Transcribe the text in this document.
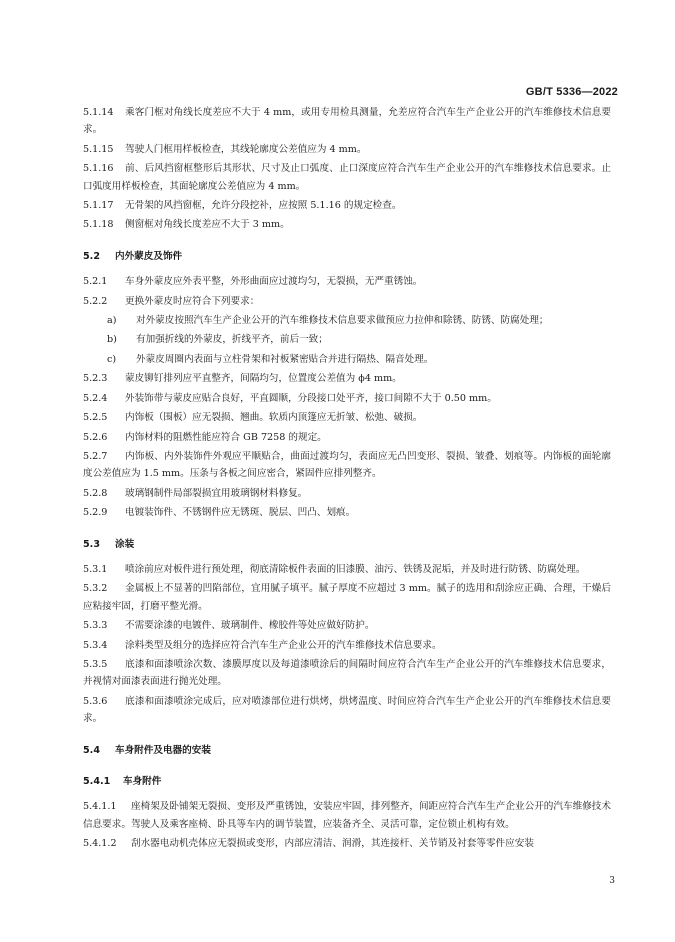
GB/T 5336—2022

5.1.14 乘客门框对角线长度差应不大于 4 mm，或用专用检具测量，允差应符合汽车生产企业公开的汽车维修技术信息要求。

5.1.15 驾驶人门框用样板检查，其线轮廓度公差值应为 4 mm。

5.1.16 前、后风挡窗框整形后其形状、尺寸及止口弧度、止口深度应符合汽车生产企业公开的汽车维修技术信息要求。止口弧度用样板检查，其面轮廓度公差值应为 4 mm。

5.1.17 无骨架的风挡窗框，允许分段挖补，应按照 5.1.16 的规定检查。

5.1.18 侧窗框对角线长度差应不大于 3 mm。

5.2 内外蒙皮及饰件

5.2.1 车身外蒙皮应外表平整，外形曲面应过渡均匀，无裂损，无严重锈蚀。

5.2.2 更换外蒙皮时应符合下列要求：

a)	对外蒙皮按照汽车生产企业公开的汽车维修技术信息要求做预应力拉伸和除锈、防锈、防腐处理；
b)	有加强折线的外蒙皮，折线平齐，前后一致；
c)	外蒙皮周圈内表面与立柱骨架和衬板紧密贴合并进行隔热、隔音处理。

5.2.3 蒙皮铆钉排列应平直整齐，间隔均匀，位置度公差值为 ϕ4 mm。

5.2.4 外装饰带与蒙皮应贴合良好，平直圆顺，分段接口处平齐，接口间隙不大于 0.50 mm。

5.2.5 内饰板（围板）应无裂损、翘曲。软质内顶篷应无折皱、松弛、破损。

5.2.6 内饰材料的阻燃性能应符合 GB 7258 的规定。

5.2.7 内饰板、内外装饰件外观应平顺贴合，曲面过渡均匀，表面应无凸凹变形、裂损、皱叠、划痕等。内饰板的面轮廓度公差值应为 1.5 mm。压条与各板之间应密合，紧固件应排列整齐。

5.2.8 玻璃钢制件局部裂损宜用玻璃钢材料修复。

5.2.9 电镀装饰件、不锈钢件应无锈斑、脱层、凹凸、划痕。

5.3 涂装

5.3.1 喷涂前应对板件进行预处理，彻底清除板件表面的旧漆膜、油污、铁锈及泥垢，并及时进行防锈、防腐处理。

5.3.2 金属板上不显著的凹陷部位，宜用腻子填平。腻子厚度不应超过 3 mm。腻子的选用和刮涂应正确、合理，干燥后应粘接牢固，打磨平整光滑。

5.3.3 不需要涂漆的电镀件、玻璃制件、橡胶件等处应做好防护。

5.3.4 涂料类型及组分的选择应符合汽车生产企业公开的汽车维修技术信息要求。

5.3.5 底漆和面漆喷涂次数、漆膜厚度以及每道漆喷涂后的间隔时间应符合汽车生产企业公开的汽车维修技术信息要求，并视情对面漆表面进行抛光处理。

5.3.6 底漆和面漆喷涂完成后，应对喷漆部位进行烘烤，烘烤温度、时间应符合汽车生产企业公开的汽车维修技术信息要求。

5.4 车身附件及电器的安装
5.4.1 车身附件

5.4.1.1 座椅架及卧铺架无裂损、变形及严重锈蚀，安装应牢固，排列整齐，间距应符合汽车生产企业公开的汽车维修技术信息要求。驾驶人及乘客座椅、卧具等车内的调节装置，应装备齐全、灵活可靠，定位锁止机构有效。

5.4.1.2 刮水器电动机壳体应无裂损或变形，内部应清洁、润滑，其连接杆、关节销及衬套等零件应安装

3
